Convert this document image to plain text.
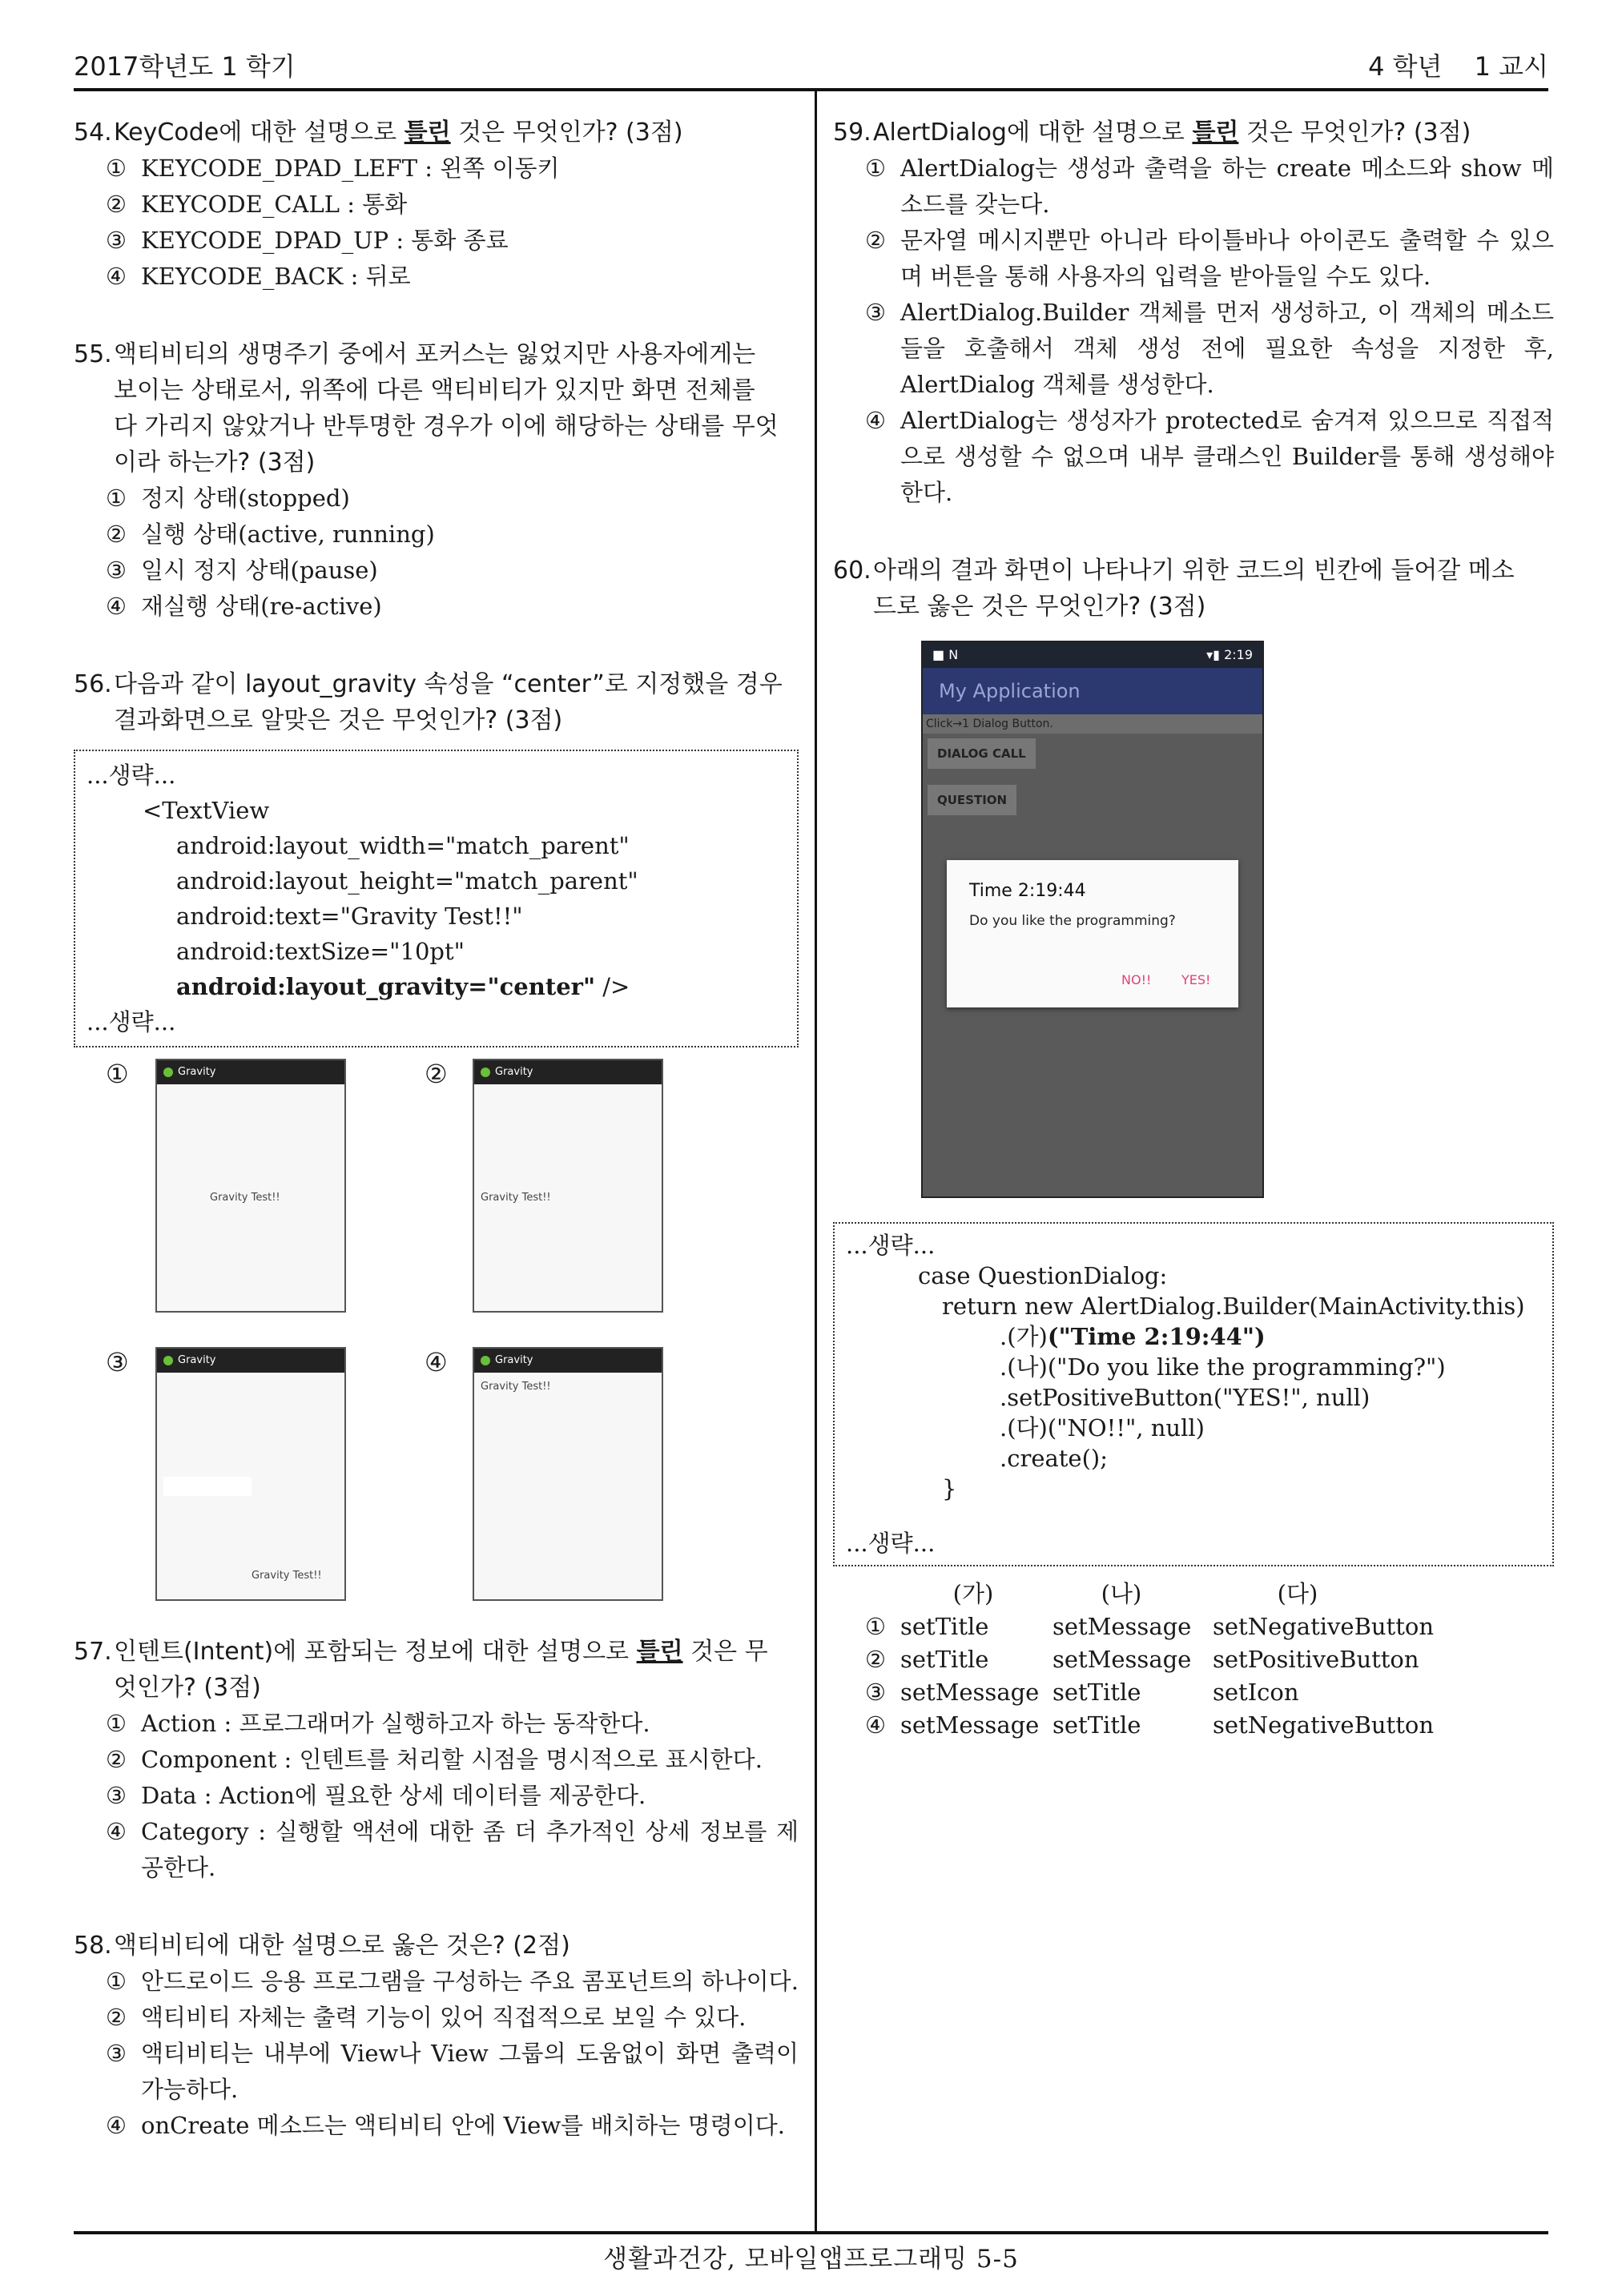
2017학년도 1 학기	4 학년 1 교시
생활과건강, 모바일앱프로그래밍 5-5
54.KeyCode에 대한 설명으로 틀린 것은 무엇인가? (3점)
① KEYCODE_DPAD_LEFT : 왼쪽 이동키
② KEYCODE_CALL : 통화
③ KEYCODE_DPAD_UP : 통화 종료
④ KEYCODE_BACK : 뒤로
55.액티비티의 생명주기 중에서 포커스는 잃었지만 사용자에게는
보이는 상태로서, 위쪽에 다른 액티비티가 있지만 화면 전체를
다 가리지 않았거나 반투명한 경우가 이에 해당하는 상태를 무엇
이라 하는가? (3점)
① 정지 상태(stopped)
② 실행 상태(active, running)
③ 일시 정지 상태(pause)
④ 재실행 상태(re-active)
56.다음과 같이 layout_gravity 속성을 “center”로 지정했을 경우
결과화면으로 알맞은 것은 무엇인가? (3점)
...생략...
<TextView
android:layout_width="match_parent"
android:layout_height="match_parent"
android:text="Gravity Test!!"
android:textSize="10pt"
android:layout_gravity="center" />
...생략...
①	Gravity
Gravity Test!!
②	Gravity
Gravity Test!!
③	Gravity
Gravity Test!!
④	Gravity
Gravity Test!!
57.인텐트(Intent)에 포함되는 정보에 대한 설명으로 틀린 것은 무
엇인가? (3점)
① Action : 프로그래머가 실행하고자 하는 동작한다.
② Component : 인텐트를 처리할 시점을 명시적으로 표시한다.
③ Data : Action에 필요한 상세 데이터를 제공한다.
④ Category : 실행할 액션에 대한 좀 더 추가적인 상세 정보를 제공한다.
58.액티비티에 대한 설명으로 옳은 것은? (2점)
① 안드로이드 응용 프로그램을 구성하는 주요 콤포넌트의 하나이다.
② 액티비티 자체는 출력 기능이 있어 직접적으로 보일 수 있다.
③ 액티비티는 내부에 View나 View 그룹의 도움없이 화면 출력이 가능하다.
④ onCreate 메소드는 액티비티 안에 View를 배치하는 명령이다.
59.AlertDialog에 대한 설명으로 틀린 것은 무엇인가? (3점)
① AlertDialog는 생성과 출력을 하는 create 메소드와 show 메소드를 갖는다.
② 문자열 메시지뿐만 아니라 타이틀바나 아이콘도 출력할 수 있으며 버튼을 통해 사용자의 입력을 받아들일 수도 있다.
③ AlertDialog.Builder 객체를 먼저 생성하고, 이 객체의 메소드들을 호출해서 객체 생성 전에 필요한 속성을 지정한 후, AlertDialog 객체를 생성한다.
④ AlertDialog는 생성자가 protected로 숨겨져 있으므로 직접적으로 생성할 수 없으며 내부 클래스인 Builder를 통해 생성해야 한다.
60.아래의 결과 화면이 나타나기 위한 코드의 빈칸에 들어갈 메소
드로 옳은 것은 무엇인가? (3점)
■ N	▾▮ 2:19
My Application
Click→1 Dialog Button.
DIALOG CALL
QUESTION
Time 2:19:44
Do you like the programming?
NO!! YES!
...생략...
case QuestionDialog:
return new AlertDialog.Builder(MainActivity.this)
.(가)("Time 2:19:44")
.(나)("Do you like the programming?")
.setPositiveButton("YES!", null)
.(다)("NO!!", null)
.create();
}
...생략...
(가)	(나)	(다)
① setTitle	setMessage setNegativeButton
② setTitle	setMessage setPositiveButton
③ setMessage setTitle	setIcon
④ setMessage setTitle	setNegativeButton
